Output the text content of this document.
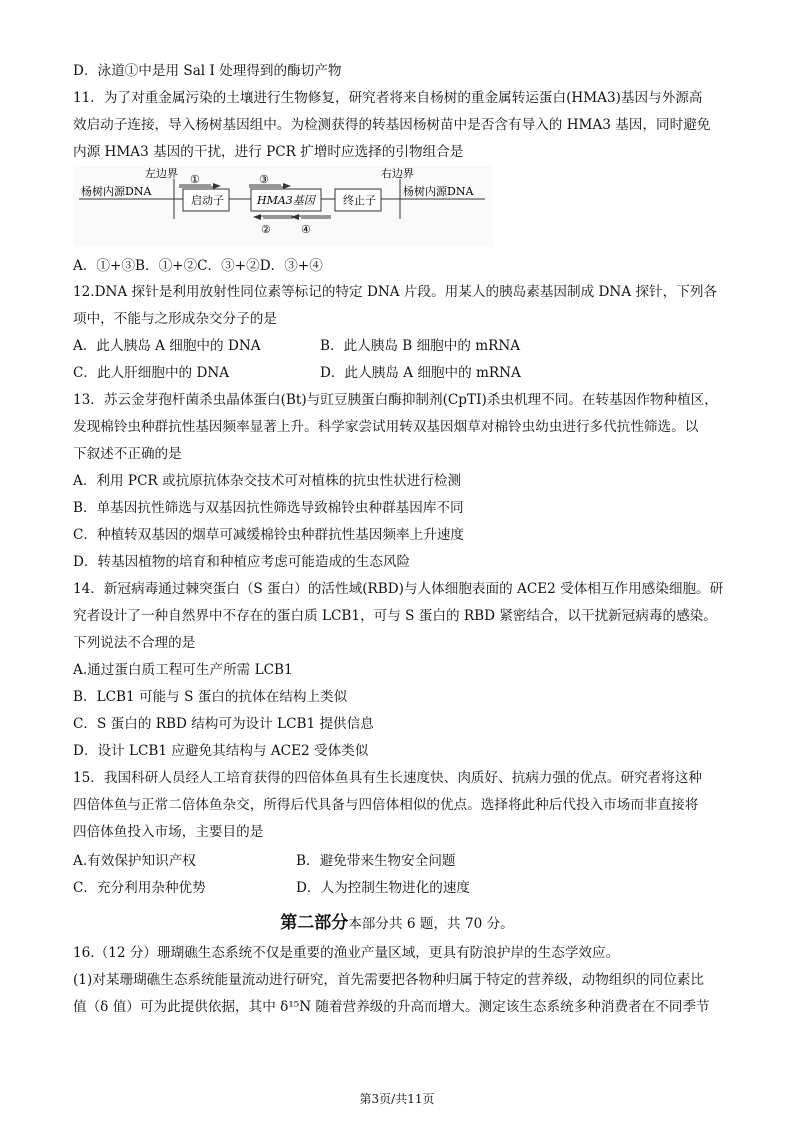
D．泳道①中是用 Sal Ⅰ 处理得到的酶切产物
11．为了对重金属污染的土壤进行生物修复，研究者将来自杨树的重金属转运蛋白(HMA3)基因与外源高
效启动子连接，导入杨树基因组中。为检测获得的转基因杨树苗中是否含有导入的 HMA3 基因，同时避免
内源 HMA3 基因的干扰，进行 PCR 扩增时应选择的引物组合是
杨树内源DNA	杨树内源DNA
左边界	右边界
启动子	HMA3基因	终止子
①	③
②	④
A．①+③B．①+②C．③+②D．③+④
12.DNA 探针是利用放射性同位素等标记的特定 DNA 片段。用某人的胰岛素基因制成 DNA 探针，下列各
项中，不能与之形成杂交分子的是
A．此人胰岛 A 细胞中的 DNA	B．此人胰岛 B 细胞中的 mRNA
C．此人肝细胞中的 DNA	D．此人胰岛 A 细胞中的 mRNA
13．苏云金芽孢杆菌杀虫晶体蛋白(Bt)与豇豆胰蛋白酶抑制剂(CpTⅠ)杀虫机理不同。在转基因作物种植区，
发现棉铃虫种群抗性基因频率显著上升。科学家尝试用转双基因烟草对棉铃虫幼虫进行多代抗性筛选。以
下叙述不正确的是
A．利用 PCR 或抗原抗体杂交技术可对植株的抗虫性状进行检测
B．单基因抗性筛选与双基因抗性筛选导致棉铃虫种群基因库不同
C．种植转双基因的烟草可减缓棉铃虫种群抗性基因频率上升速度
D．转基因植物的培育和种植应考虑可能造成的生态风险
14．新冠病毒通过棘突蛋白（S 蛋白）的活性域(RBD)与人体细胞表面的 ACE2 受体相互作用感染细胞。研
究者设计了一种自然界中不存在的蛋白质 LCB1，可与 S 蛋白的 RBD 紧密结合，以干扰新冠病毒的感染。
下列说法不合理的是
A.通过蛋白质工程可生产所需 LCB1
B．LCB1 可能与 S 蛋白的抗体在结构上类似
C．S 蛋白的 RBD 结构可为设计 LCB1 提供信息
D．设计 LCB1 应避免其结构与 ACE2 受体类似
15．我国科研人员经人工培育获得的四倍体鱼具有生长速度快、肉质好、抗病力强的优点。研究者将这种
四倍体鱼与正常二倍体鱼杂交，所得后代具备与四倍体相似的优点。选择将此种后代投入市场而非直接将
四倍体鱼投入市场，主要目的是
A.有效保护知识产权	B．避免带来生物安全问题
C．充分利用杂种优势	D．人为控制生物进化的速度
第二部分本部分共 6 题，共 70 分。
16.（12 分）珊瑚礁生态系统不仅是重要的渔业产量区域，更具有防浪护岸的生态学效应。
(1)对某珊瑚礁生态系统能量流动进行研究，首先需要把各物种归属于特定的营养级，动物组织的同位素比
值（δ 值）可为此提供依据，其中 δ¹⁵N 随着营养级的升高而增大。测定该生态系统多种消费者在不同季节
第3页/共11页
